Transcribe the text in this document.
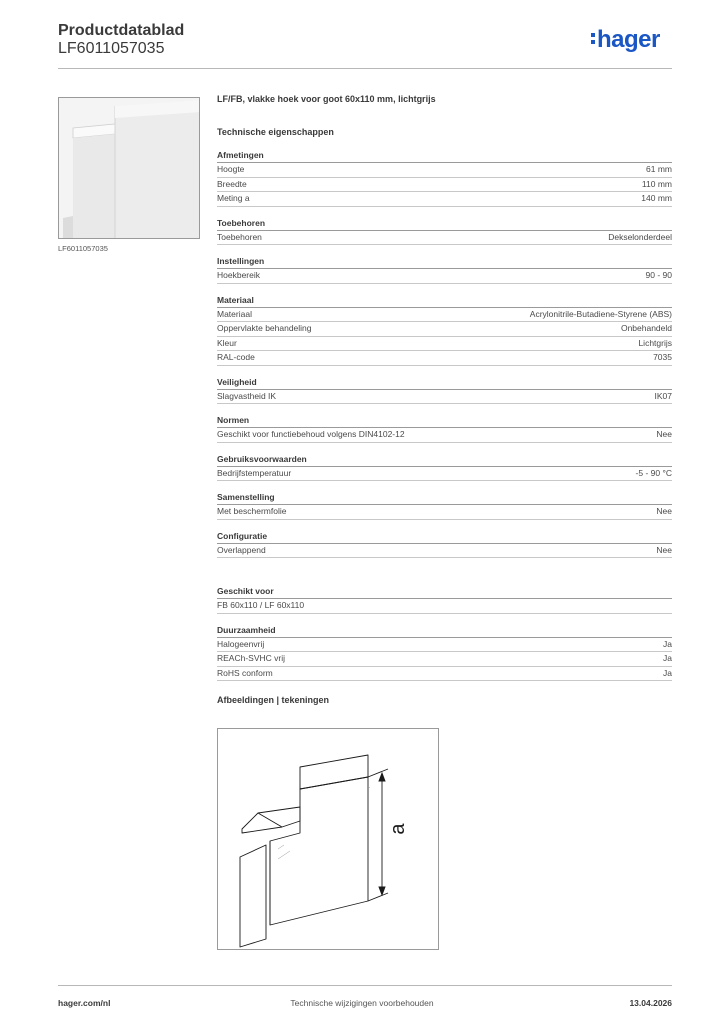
Productdatablad
LF6011057035	hager
LF6011057035
LF/FB, vlakke hoek voor goot 60x110 mm, lichtgrijs
Technische eigenschappen
Afmetingen
Hoogte	61 mm
Breedte	110 mm
Meting a	140 mm
Toebehoren
Toebehoren	Dekselonderdeel
Instellingen
Hoekbereik	90 - 90
Materiaal
Materiaal	Acrylonitrile-Butadiene-Styrene (ABS)
Oppervlakte behandeling	Onbehandeld
Kleur	Lichtgrijs
RAL-code	7035
Veiligheid
Slagvastheid IK	IK07
Normen
Geschikt voor functiebehoud volgens DIN4102-12	Nee
Gebruiksvoorwaarden
Bedrijfstemperatuur	-5 - 90 °C
Samenstelling
Met beschermfolie	Nee
Configuratie
Overlappend	Nee
Geschikt voor
FB 60x110 / LF 60x110
Duurzaamheid
Halogeenvrij	Ja
REACh-SVHC vrij	Ja
RoHS conform	Ja
Afbeeldingen | tekeningen
a
hager.com/nl	Technische wijzigingen voorbehouden	13.04.2026
